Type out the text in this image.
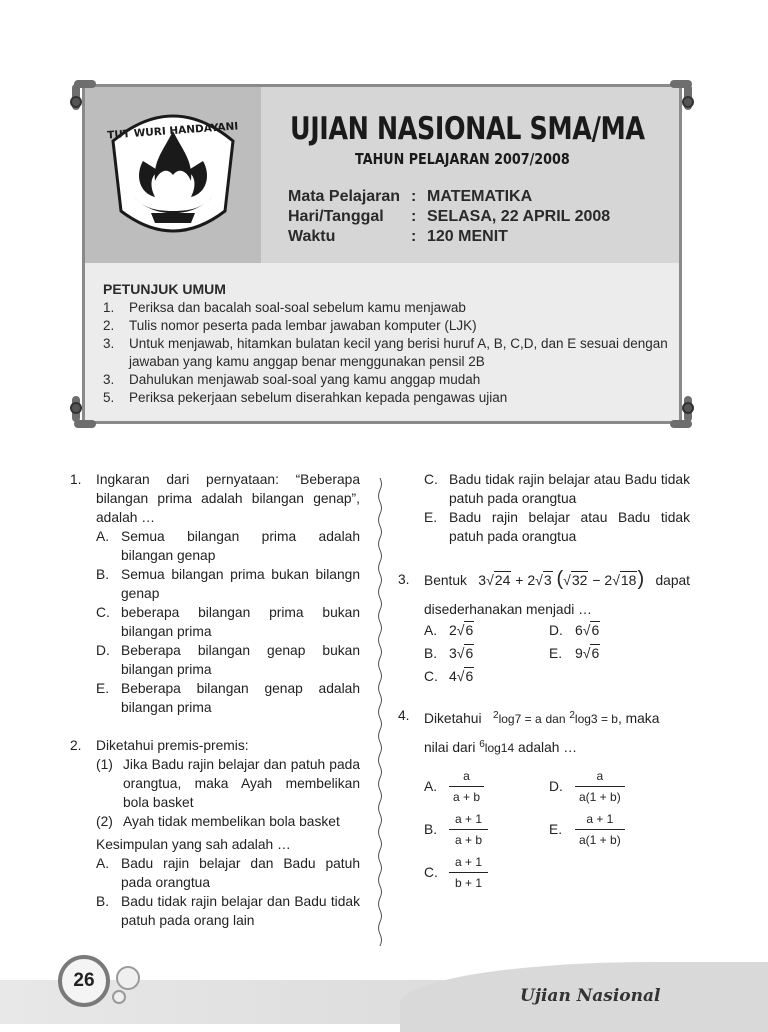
TUT WURI HANDAYANI UJIAN NASIONAL SMA/MA
TAHUN PELAJARAN 2007/2008
Mata Pelajaran : MATEMATIKA
Hari/Tanggal : SELASA, 22 APRIL 2008
Waktu	: 120 MENIT
PETUNJUK UMUM
1.	Periksa dan bacalah soal-soal sebelum kamu menjawab
2.	Tulis nomor peserta pada lembar jawaban komputer (LJK)
3.	Untuk menjawab, hitamkan bulatan kecil yang berisi huruf A, B, C,D, dan E sesuai dengan jawaban yang kamu anggap benar menggunakan pensil 2B
3.	Dahulukan menjawab soal-soal yang kamu anggap mudah
5.	Periksa pekerjaan sebelum diserahkan kepada pengawas ujian
1.	Ingkaran dari pernyataan: “Beberapa bilangan prima adalah bilangan genap”, adalah …
A. Semua bilangan prima adalah bilangan genap
B. Semua bilangan prima bukan bilangn genap
C. beberapa bilangan prima bukan bilangan prima
D. Beberapa bilangan genap bukan bilangan prima
E. Beberapa bilangan genap adalah bilangan prima
2.	Diketahui premis-premis:
(1) Jika Badu rajin belajar dan patuh pada orangtua, maka Ayah membelikan bola basket
(2) Ayah tidak membelikan bola basket
Kesimpulan yang sah adalah …
A. Badu rajin belajar dan Badu patuh pada orangtua
B. Badu tidak rajin belajar dan Badu tidak patuh pada orang lain
C. Badu tidak rajin belajar atau Badu tidak patuh pada orangtua
E. Badu rajin belajar atau Badu tidak patuh pada orangtua
3.	Bentuk 3√24 + 2√3 (√32 − 2√18) dapat
disederhanakan menjadi …
A. 2√6	D. 6√6
B. 3√6	E. 9√6
C. 4√6
4.	Diketahui $^2$log7 = a dan $^2$log3 = b, maka
nilai dari $^6$log14 adalah …
A. $\frac{a}{a + b}$	D.	$\frac{a}{a(1 + b)}$
B. $\frac{a + 1}{a + b}$	E.	$\frac{a + 1}{a(1 + b)}$
C. $\frac{a + 1}{b + 1}$
26
Ujian Nasional
